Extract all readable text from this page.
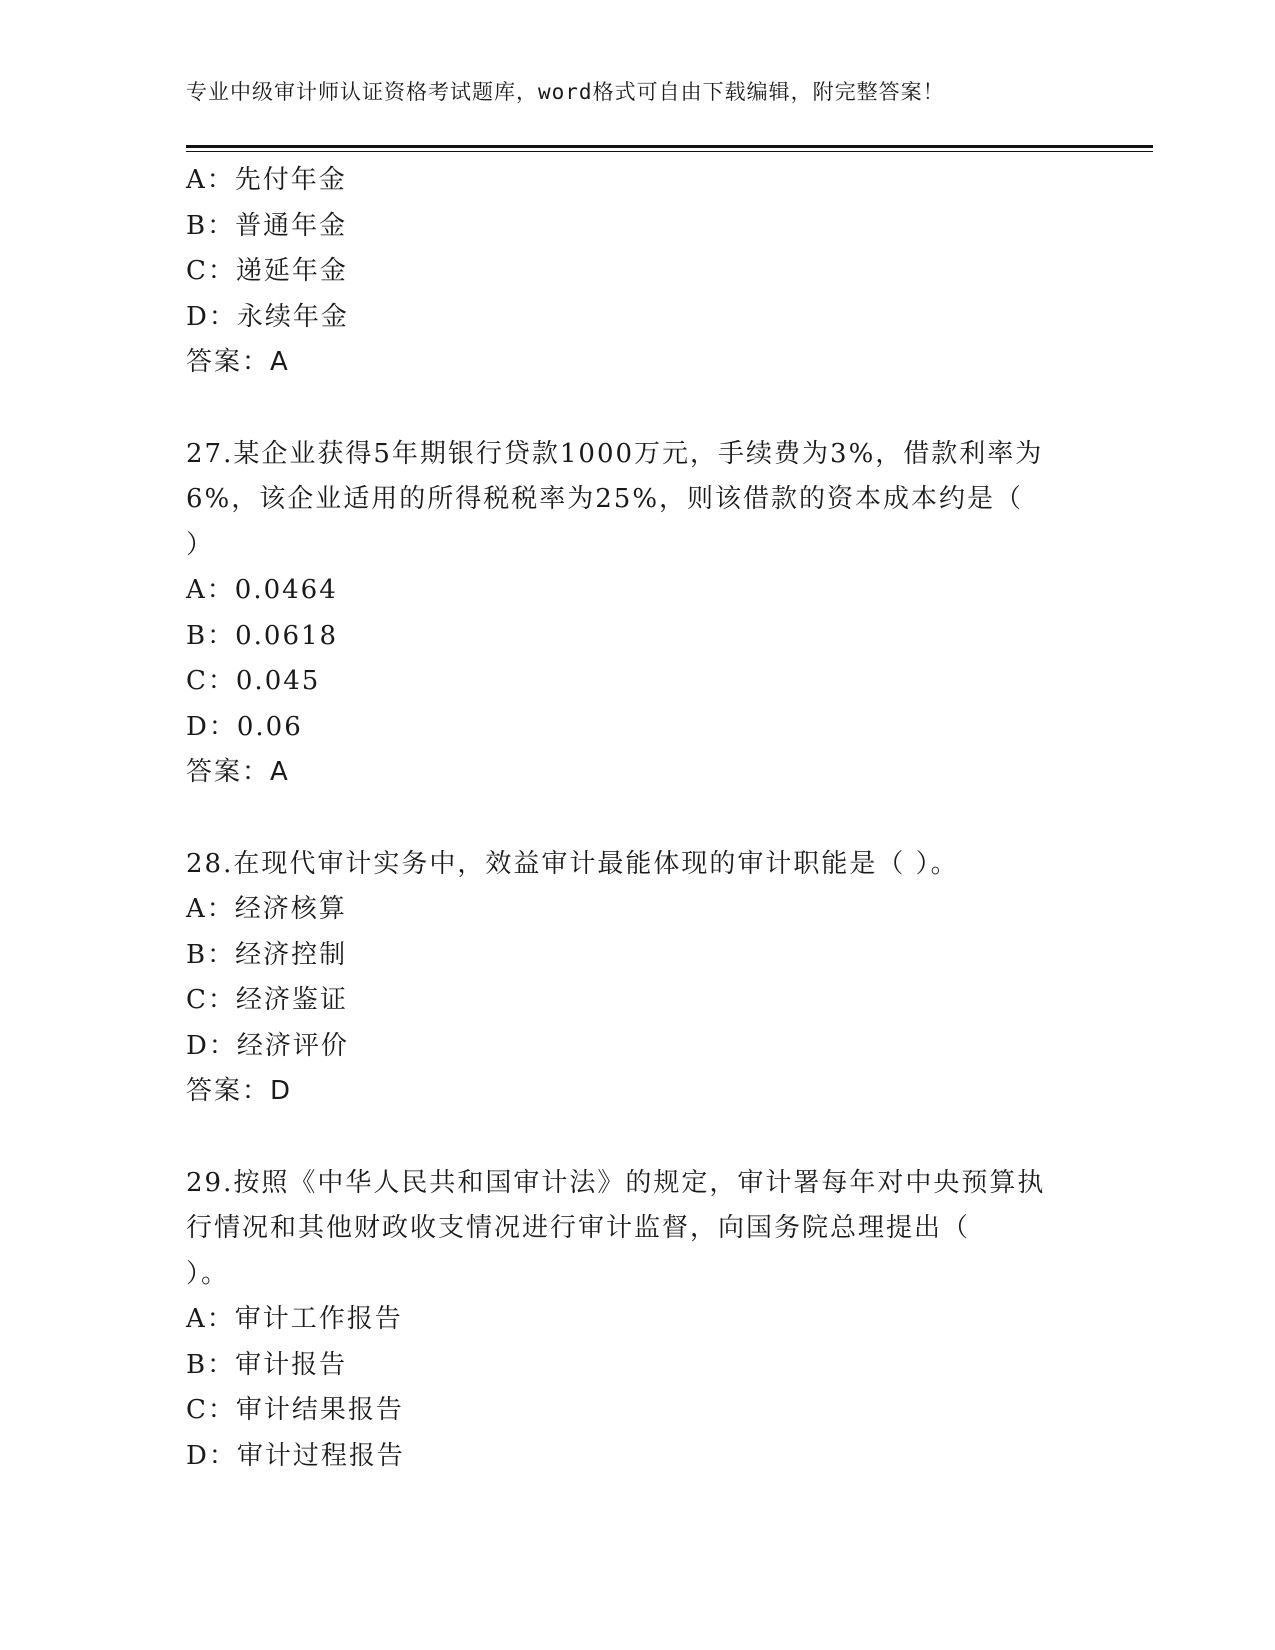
专业中级审计师认证资格考试题库，word格式可自由下载编辑，附完整答案！

A：先付年金

B：普通年金

C：递延年金

D：永续年金

答案：A

27.某企业获得5年期银行贷款1000万元，手续费为3%，借款利率为

6%，该企业适用的所得税税率为25%，则该借款的资本成本约是（

）

A：0.0464

B：0.0618

C：0.045

D：0.06

答案：A

28.在现代审计实务中，效益审计最能体现的审计职能是（ ）。

A：经济核算

B：经济控制

C：经济鉴证

D：经济评价

答案：D

29.按照《中华人民共和国审计法》的规定，审计署每年对中央预算执

行情况和其他财政收支情况进行审计监督，向国务院总理提出（

）。

A：审计工作报告

B：审计报告

C：审计结果报告

D：审计过程报告
